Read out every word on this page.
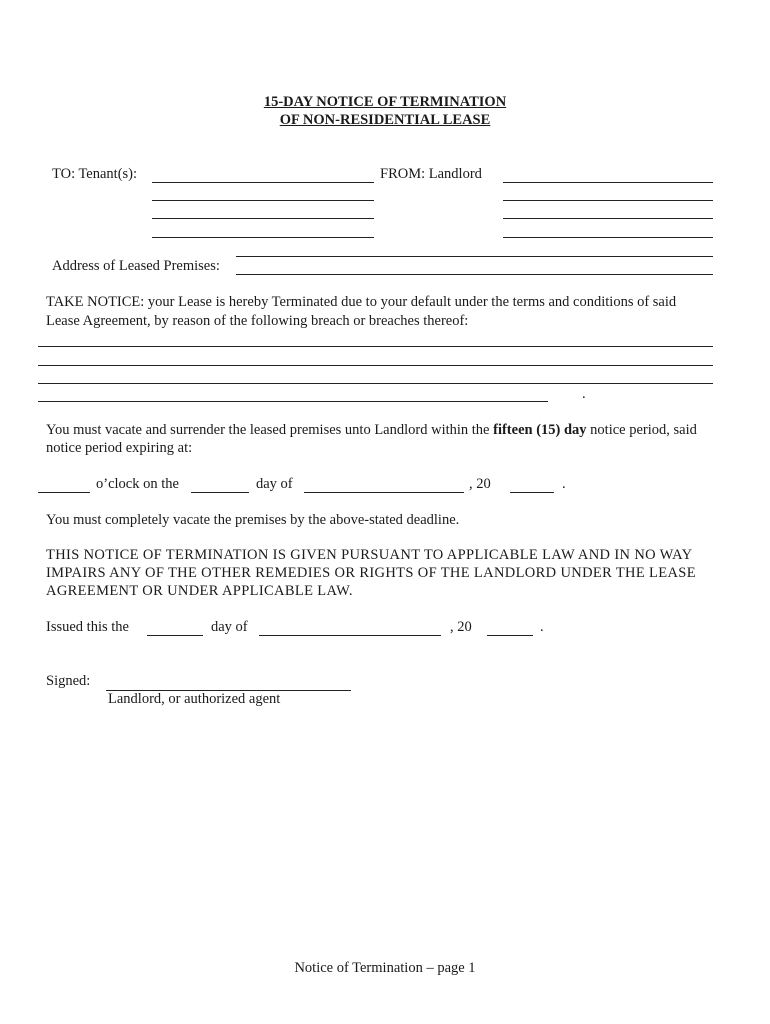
15-DAY NOTICE OF TERMINATION
OF NON-RESIDENTIAL LEASE
TO: Tenant(s):	FROM: Landlord
Address of Leased Premises:
TAKE NOTICE: your Lease is hereby Terminated due to your default under the terms and conditions of said
Lease Agreement, by reason of the following breach or breaches thereof:
.
You must vacate and surrender the leased premises unto Landlord within the fifteen (15) day notice period, said
notice period expiring at:
o’clock on the	day of	, 20	.
You must completely vacate the premises by the above-stated deadline.
THIS NOTICE OF TERMINATION IS GIVEN PURSUANT TO APPLICABLE LAW AND IN NO WAY
IMPAIRS ANY OF THE OTHER REMEDIES OR RIGHTS OF THE LANDLORD UNDER THE LEASE
AGREEMENT OR UNDER APPLICABLE LAW.
Issued this the	day of	, 20	.
Signed:
Landlord, or authorized agent
Notice of Termination – page 1
